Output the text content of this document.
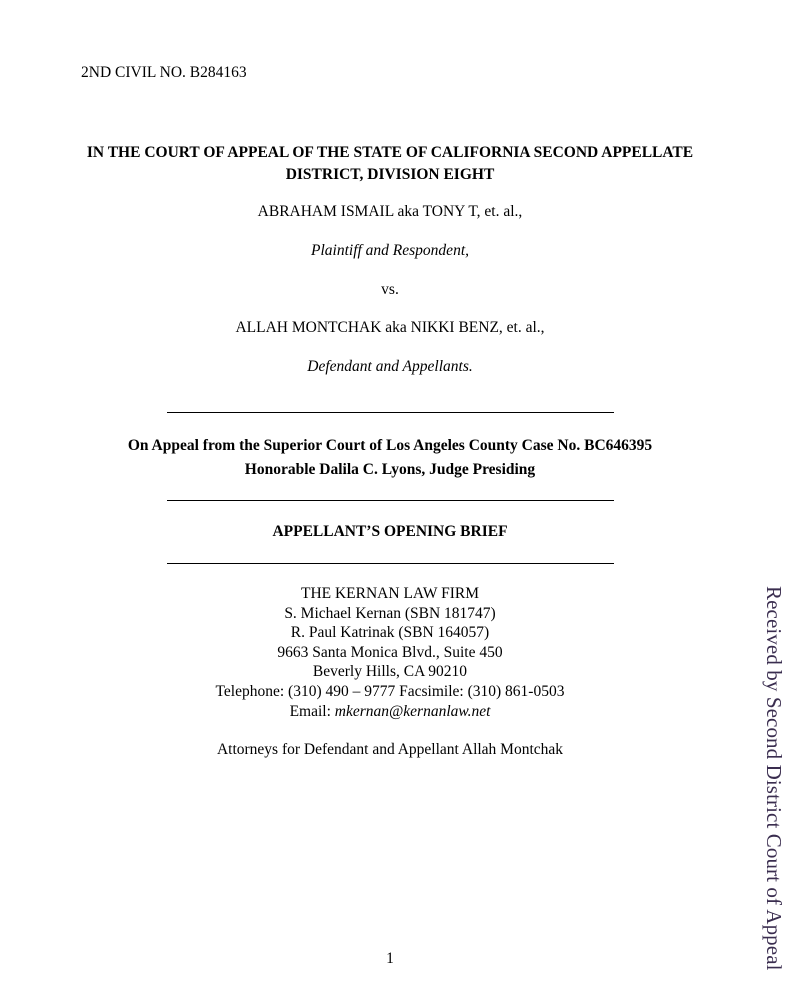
2ND CIVIL NO. B284163
IN THE COURT OF APPEAL OF THE STATE OF CALIFORNIA SECOND APPELLATE DISTRICT, DIVISION EIGHT
ABRAHAM ISMAIL aka TONY T, et. al.,
Plaintiff and Respondent,
vs.
ALLAH MONTCHAK aka NIKKI BENZ, et. al.,
Defendant and Appellants.
On Appeal from the Superior Court of Los Angeles County Case No. BC646395
Honorable Dalila C. Lyons, Judge Presiding
APPELLANT’S OPENING BRIEF
THE KERNAN LAW FIRM
S. Michael Kernan (SBN 181747)
R. Paul Katrinak (SBN 164057)
9663 Santa Monica Blvd., Suite 450
Beverly Hills, CA 90210
Telephone: (310) 490 – 9777 Facsimile: (310) 861-0503
Email: mkernan@kernanlaw.net
Attorneys for Defendant and Appellant Allah Montchak	Received by Second District Court of Appeal
1
